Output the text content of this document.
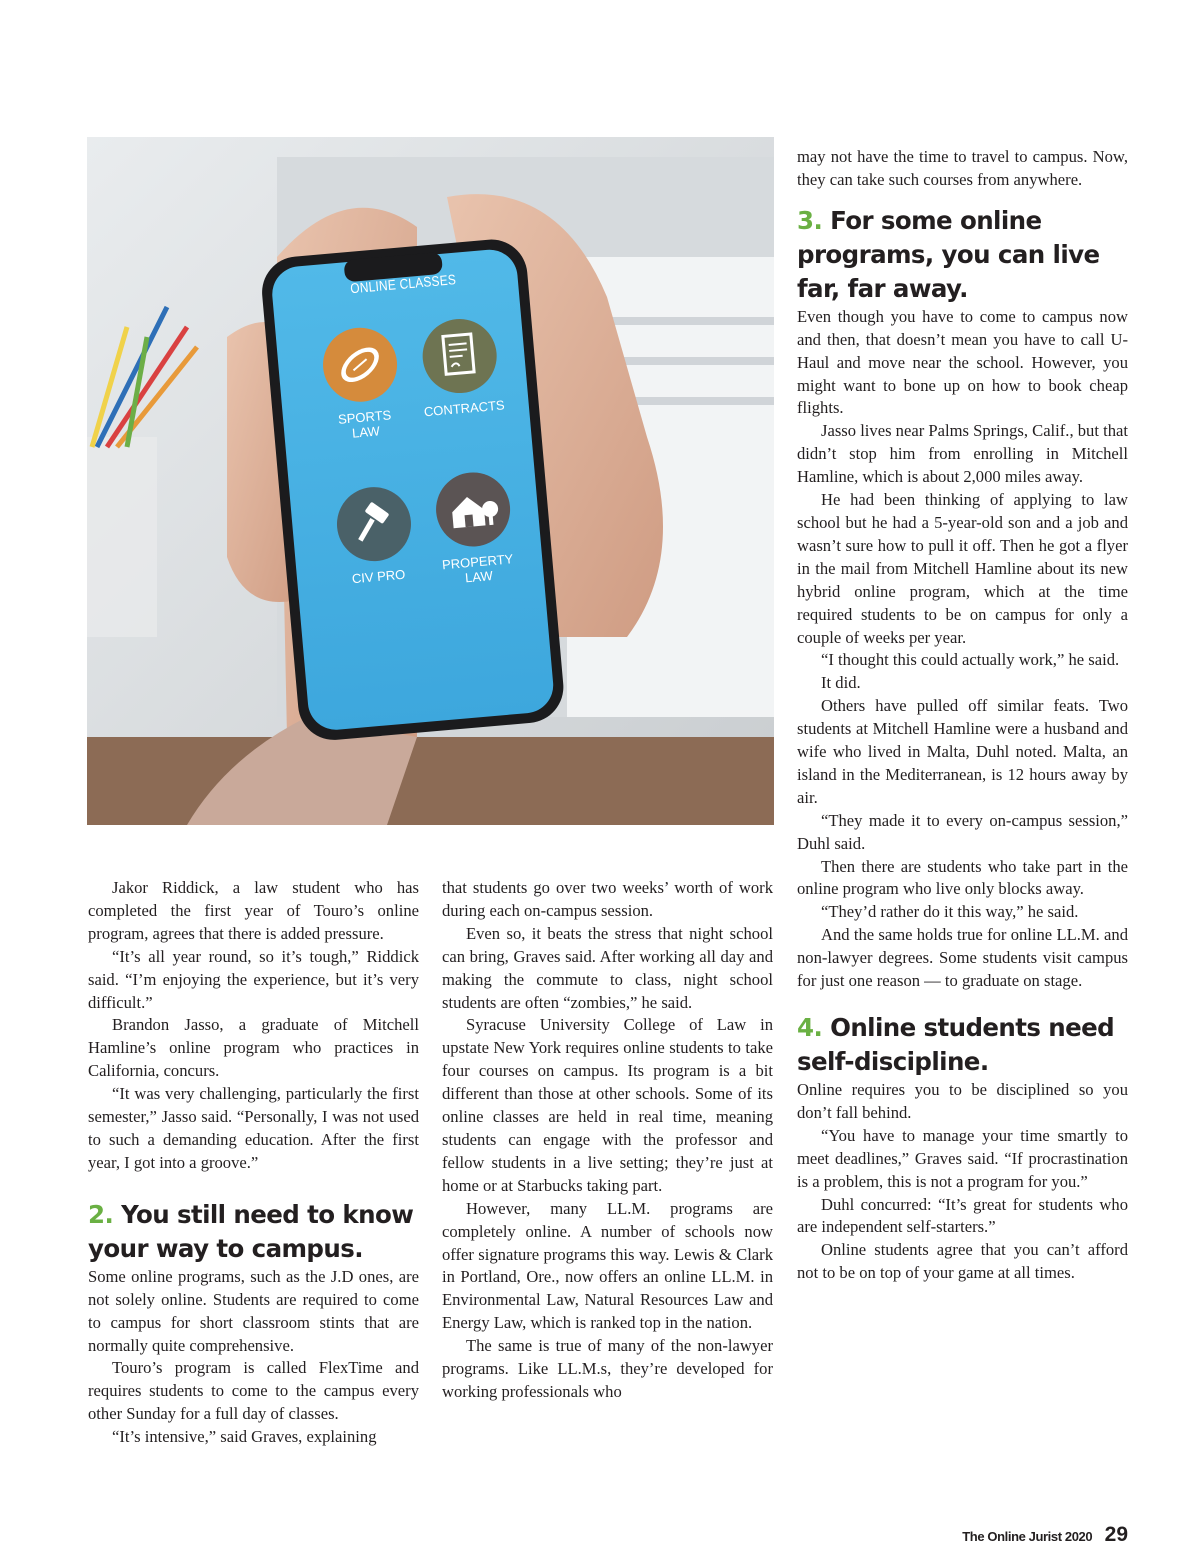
ONLINE CLASSES
SPORTS
LAW
CONTRACTS
CIV PRO
PROPERTY
LAW

Jakor Riddick, a law student who has completed the first year of Touro’s online program, agrees that there is added pressure.

“It’s all year round, so it’s tough,” Riddick said. “I’m enjoying the experience, but it’s very difficult.”

Brandon Jasso, a graduate of Mitchell Hamline’s online program who practices in California, concurs.

“It was very challenging, particularly the first semester,” Jasso said. “Personally, I was not used to such a demanding education. After the first year, I got into a groove.”

2. You still need to know your way to campus.

Some online programs, such as the J.D ones, are not solely online. Students are required to come to campus for short classroom stints that are normally quite comprehensive.

Touro’s program is called FlexTime and requires students to come to the campus every other Sunday for a full day of classes.

“It’s intensive,” said Graves, explaining

that students go over two weeks’ worth of work during each on-campus session.

Even so, it beats the stress that night school can bring, Graves said. After working all day and making the commute to class, night school students are often “zombies,” he said.

Syracuse University College of Law in upstate New York requires online students to take four courses on campus. Its program is a bit different than those at other schools. Some of its online classes are held in real time, meaning students can engage with the professor and fellow students in a live setting; they’re just at home or at Starbucks taking part.

However, many LL.M. programs are completely online. A number of schools now offer signature programs this way. Lewis & Clark in Portland, Ore., now offers an online LL.M. in Environmental Law, Natural Resources Law and Energy Law, which is ranked top in the nation.

The same is true of many of the non-lawyer programs. Like LL.M.s, they’re developed for working professionals who

may not have the time to travel to campus. Now, they can take such courses from anywhere.

3. For some online programs, you can live far, far away.

Even though you have to come to campus now and then, that doesn’t mean you have to call U-Haul and move near the school. However, you might want to bone up on how to book cheap flights.

Jasso lives near Palms Springs, Calif., but that didn’t stop him from enrolling in Mitchell Hamline, which is about 2,000 miles away.

He had been thinking of applying to law school but he had a 5-year-old son and a job and wasn’t sure how to pull it off. Then he got a flyer in the mail from Mitchell Hamline about its new hybrid online program, which at the time required students to be on campus for only a couple of weeks per year.

“I thought this could actually work,” he said.

It did.

Others have pulled off similar feats. Two students at Mitchell Hamline were a husband and wife who lived in Malta, Duhl noted. Malta, an island in the Mediterranean, is 12 hours away by air.

“They made it to every on-campus session,” Duhl said.

Then there are students who take part in the online program who live only blocks away.

“They’d rather do it this way,” he said.

And the same holds true for online LL.M. and non-lawyer degrees. Some students visit campus for just one reason — to graduate on stage.

4. Online students need self-discipline.

Online requires you to be disciplined so you don’t fall behind.

“You have to manage your time smartly to meet deadlines,” Graves said. “If procrastination is a problem, this is not a program for you.”

Duhl concurred: “It’s great for students who are independent self-starters.”

Online students agree that you can’t afford not to be on top of your game at all times.

The Online Jurist 2020 29
